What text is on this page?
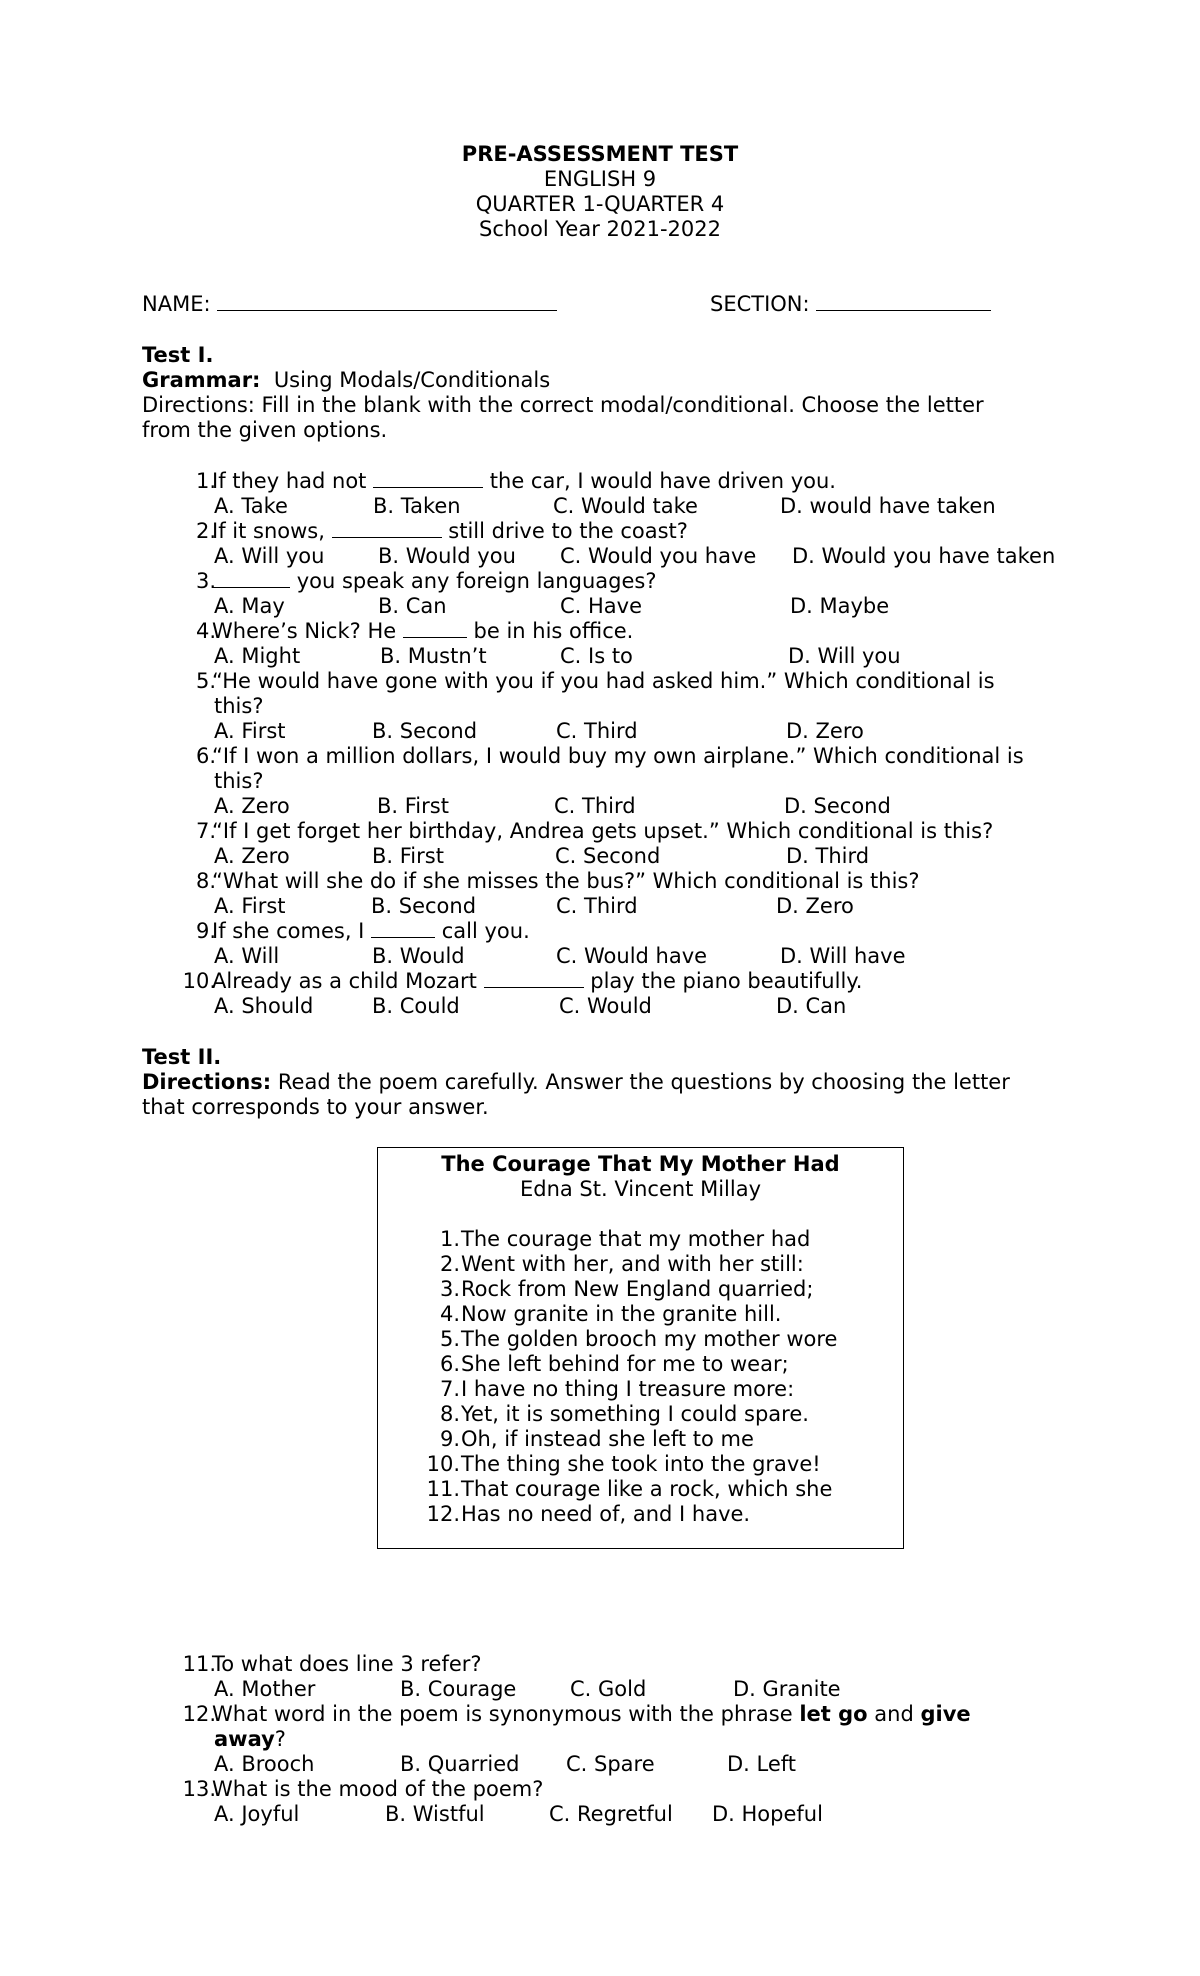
PRE-ASSESSMENT TEST
ENGLISH 9
QUARTER 1-QUARTER 4
School Year 2021-2022
NAME:	SECTION:
Test I.
Grammar: Using Modals/Conditionals
Directions: Fill in the blank with the correct modal/conditional. Choose the letter
from the given options.
1.
If they had not	the car, I would have driven you.
A. Take	B. Taken	C. Would take	D. would have taken
2.
If it snows,	still drive to the coast?
A. Will you	B. Would you C. Would you have D. Would you have taken
3.	you speak any foreign languages?
A. May	B. Can	C. Have	D. Maybe
4.
Where’s Nick? He	be in his office.
A. Might	B. Mustn’t	C. Is to	D. Will you
5.
“He would have gone with you if you had asked him.” Which conditional is
this?
A. First	B. Second	C. Third	D. Zero
6.
“If I won a million dollars, I would buy my own airplane.” Which conditional is
this?
A. Zero	B. First	C. Third	D. Second
7.
“If I get forget her birthday, Andrea gets upset.” Which conditional is this?
A. Zero	B. First	C. Second	D. Third
8.
“What will she do if she misses the bus?” Which conditional is this?
A. First	B. Second	C. Third	D. Zero
9.
If she comes, I	call you.
A. Will	B. Would	C. Would have	D. Will have
10.
Already as a child Mozart	play the piano beautifully.
A. Should	B. Could	C. Would	D. Can
Test II.
Directions: Read the poem carefully. Answer the questions by choosing the letter
that corresponds to your answer.
The Courage That My Mother Had
Edna St. Vincent Millay
1. The courage that my mother had
2. Went with her, and with her still:
3. Rock from New England quarried;
4. Now granite in the granite hill.
5. The golden brooch my mother wore
6. She left behind for me to wear;
7. I have no thing I treasure more:
8. Yet, it is something I could spare.
9. Oh, if instead she left to me
10. The thing she took into the grave!
11. That courage like a rock, which she
12. Has no need of, and I have.
11.
To what does line 3 refer?
A. Mother	B. Courage	C. Gold	D. Granite
12.
What word in the poem is synonymous with the phrase let go and give
away?
A. Brooch	B. Quarried C. Spare	D. Left
13.
What is the mood of the poem?
A. Joyful	B. Wistful	C. Regretful D. Hopeful
